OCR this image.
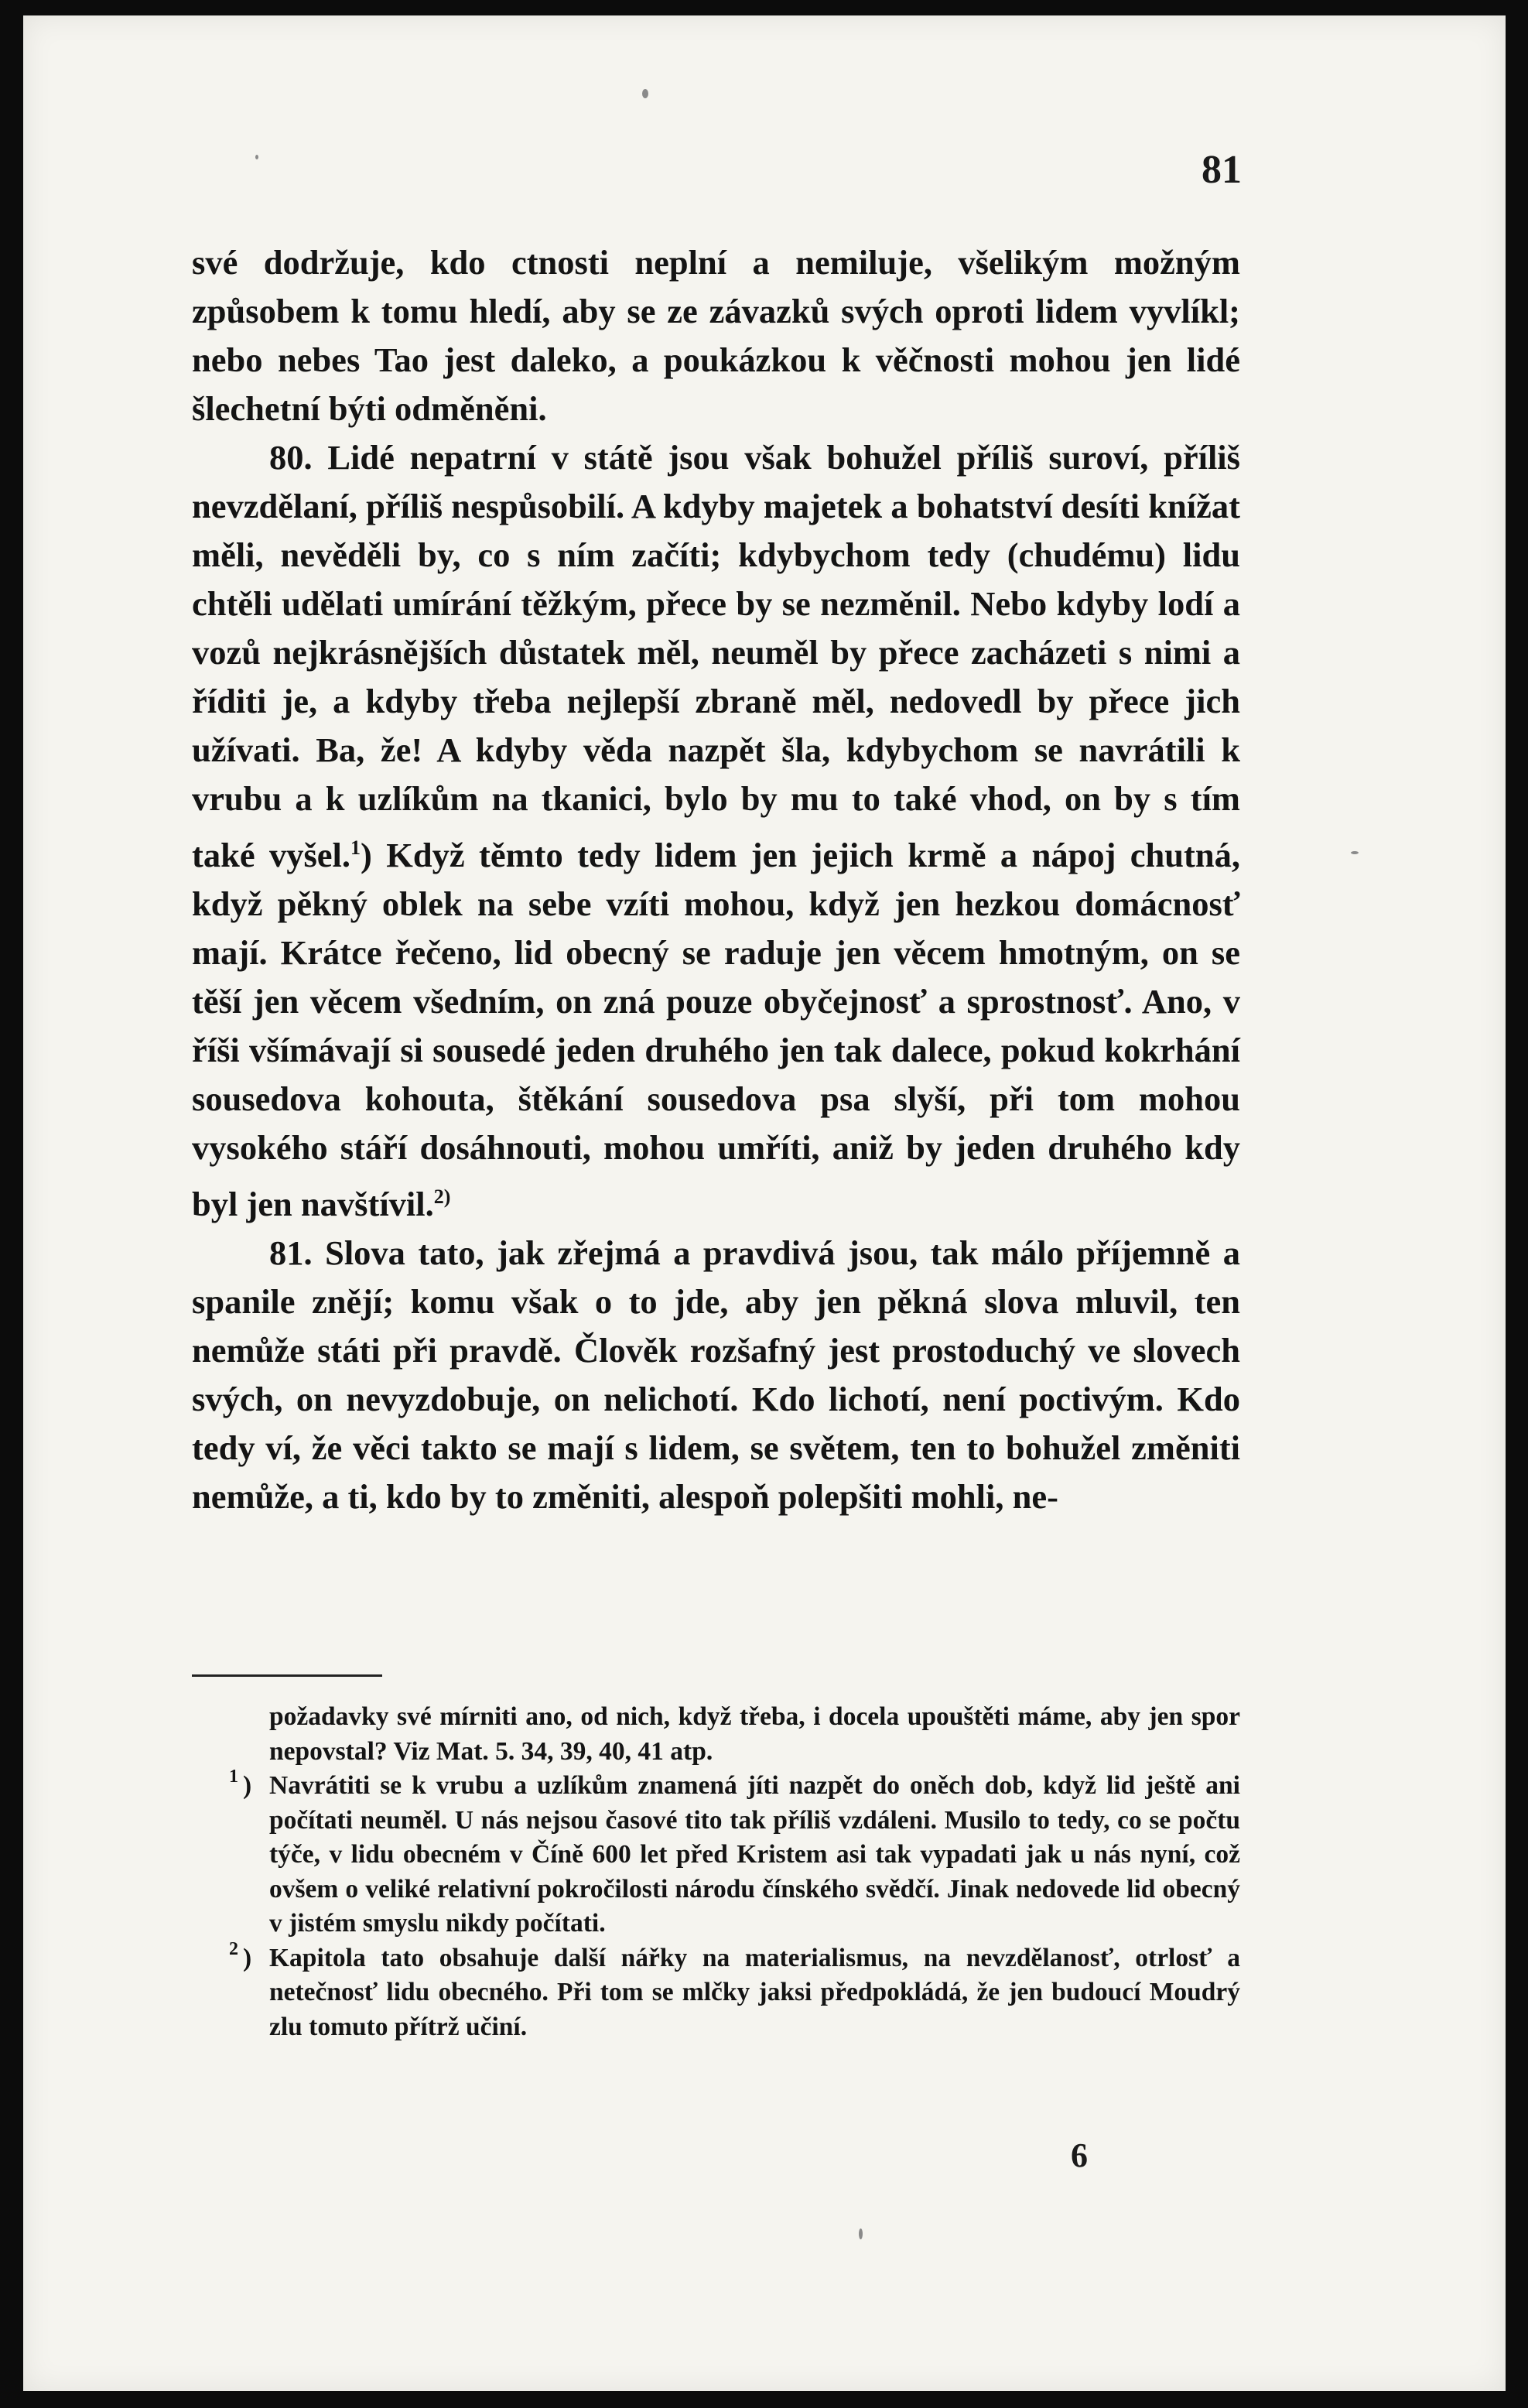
81

své dodržuje, kdo ctnosti neplní a nemiluje, všelikým možným způsobem k tomu hledí, aby se ze závazků svých oproti lidem vyvlíkl; nebo nebes Tao jest daleko, a poukázkou k věčnosti mohou jen lidé šlechetní býti odměněni.

80. Lidé nepatrní v státě jsou však bohužel příliš suroví, příliš nevzdělaní, příliš nespůsobilí. A kdyby majetek a bohatství desíti knížat měli, nevěděli by, co s ním začíti; kdybychom tedy (chudému) lidu chtěli udělati umírání těžkým, přece by se nezměnil. Nebo kdyby lodí a vozů nejkrásnějších důstatek měl, neuměl by přece zacházeti s nimi a říditi je, a kdyby třeba nejlepší zbraně měl, nedovedl by přece jich užívati. Ba, že! A kdyby věda nazpět šla, kdybychom se navrátili k vrubu a k uzlíkům na tkanici, bylo by mu to také vhod, on by s tím také vyšel.$^1$) Když těmto tedy lidem jen jejich krmě a nápoj chutná, když pěkný oblek na sebe vzíti mohou, když jen hezkou domácnosť mají. Krátce řečeno, lid obecný se raduje jen věcem hmotným, on se těší jen věcem všedním, on zná pouze obyčejnosť a sprostnosť. Ano, v říši všímávají si sousedé jeden druhého jen tak dalece, pokud kokrhání sousedova kohouta, štěkání sousedova psa slyší, při tom mohou vysokého stáří dosáhnouti, mohou umříti, aniž by jeden druhého kdy byl jen navštívil.$^{2)}$

81. Slova tato, jak zřejmá a pravdivá jsou, tak málo příjemně a spanile znějí; komu však o to jde, aby jen pěkná slova mluvil, ten nemůže státi při pravdě. Člověk rozšafný jest prostoduchý ve slovech svých, on nevyzdobuje, on nelichotí. Kdo lichotí, není poctivým. Kdo tedy ví, že věci takto se mají s lidem, se světem, ten to bohužel změniti nemůže, a ti, kdo by to změniti, alespoň polepšiti mohli, ne-

požadavky své mírniti ano, od nich, když třeba, i docela upouštěti máme, aby jen spor nepovstal? Viz Mat. 5. 34, 39, 40, 41 atp.

1 ) Navrátiti se k vrubu a uzlíkům znamená jíti nazpět do oněch dob, když lid ještě ani počítati neuměl. U nás nejsou časové tito tak příliš vzdáleni. Musilo to tedy, co se počtu týče, v lidu obecném v Číně 600 let před Kristem asi tak vypadati jak u nás nyní, což ovšem o veliké relativní pokročilosti národu čínského svědčí. Jinak nedovede lid obecný v jistém smyslu nikdy počítati.

2 ) Kapitola tato obsahuje další nářky na materialismus, na nevzdělanosť, otrlosť a netečnosť lidu obecného. Při tom se mlčky jaksi předpokládá, že jen budoucí Moudrý zlu tomuto přítrž učiní.

6
